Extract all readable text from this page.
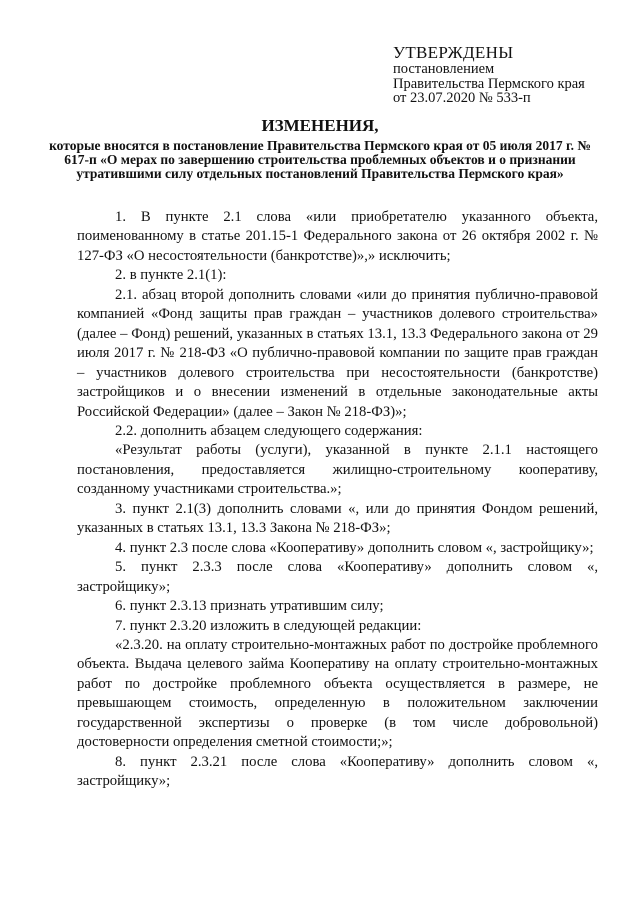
УТВЕРЖДЕНЫ
постановлением
Правительства Пермского края
от 23.07.2020 № 533-п
ИЗМЕНЕНИЯ,
которые вносятся в постановление Правительства Пермского края от 05 июля 2017 г. № 617-п «О мерах по завершению строительства проблемных объектов и о признании утратившими силу отдельных постановлений Правительства Пермского края»

1. В пункте 2.1 слова «или приобретателю указанного объекта, поименованному в статье 201.15-1 Федерального закона от 26 октября 2002 г. № 127-ФЗ «О несостоятельности (банкротстве)»,» исключить;

2. в пункте 2.1(1):

2.1. абзац второй дополнить словами «или до принятия публично-правовой компанией «Фонд защиты прав граждан – участников долевого строительства» (далее – Фонд) решений, указанных в статьях 13.1, 13.3 Федерального закона от 29 июля 2017 г. № 218-ФЗ «О публично-правовой компании по защите прав граждан – участников долевого строительства при несостоятельности (банкротстве) застройщиков и о внесении изменений в отдельные законодательные акты Российской Федерации» (далее – Закон № 218-ФЗ)»;

2.2. дополнить абзацем следующего содержания:

«Результат работы (услуги), указанной в пункте 2.1.1 настоящего постановления, предоставляется жилищно-строительному кооперативу, созданному участниками строительства.»;

3. пункт 2.1(3) дополнить словами «, или до принятия Фондом решений, указанных в статьях 13.1, 13.3 Закона № 218-ФЗ»;

4. пункт 2.3 после слова «Кооперативу» дополнить словом «, застройщику»;

5. пункт 2.3.3 после слова «Кооперативу» дополнить словом «, застройщику»;

6. пункт 2.3.13 признать утратившим силу;

7. пункт 2.3.20 изложить в следующей редакции:

«2.3.20. на оплату строительно-монтажных работ по достройке проблемного объекта. Выдача целевого займа Кооперативу на оплату строительно-монтажных работ по достройке проблемного объекта осуществляется в размере, не превышающем стоимость, определенную в положительном заключении государственной экспертизы о проверке (в том числе добровольной) достоверности определения сметной стоимости;»;

8. пункт 2.3.21 после слова «Кооперативу» дополнить словом «, застройщику»;
